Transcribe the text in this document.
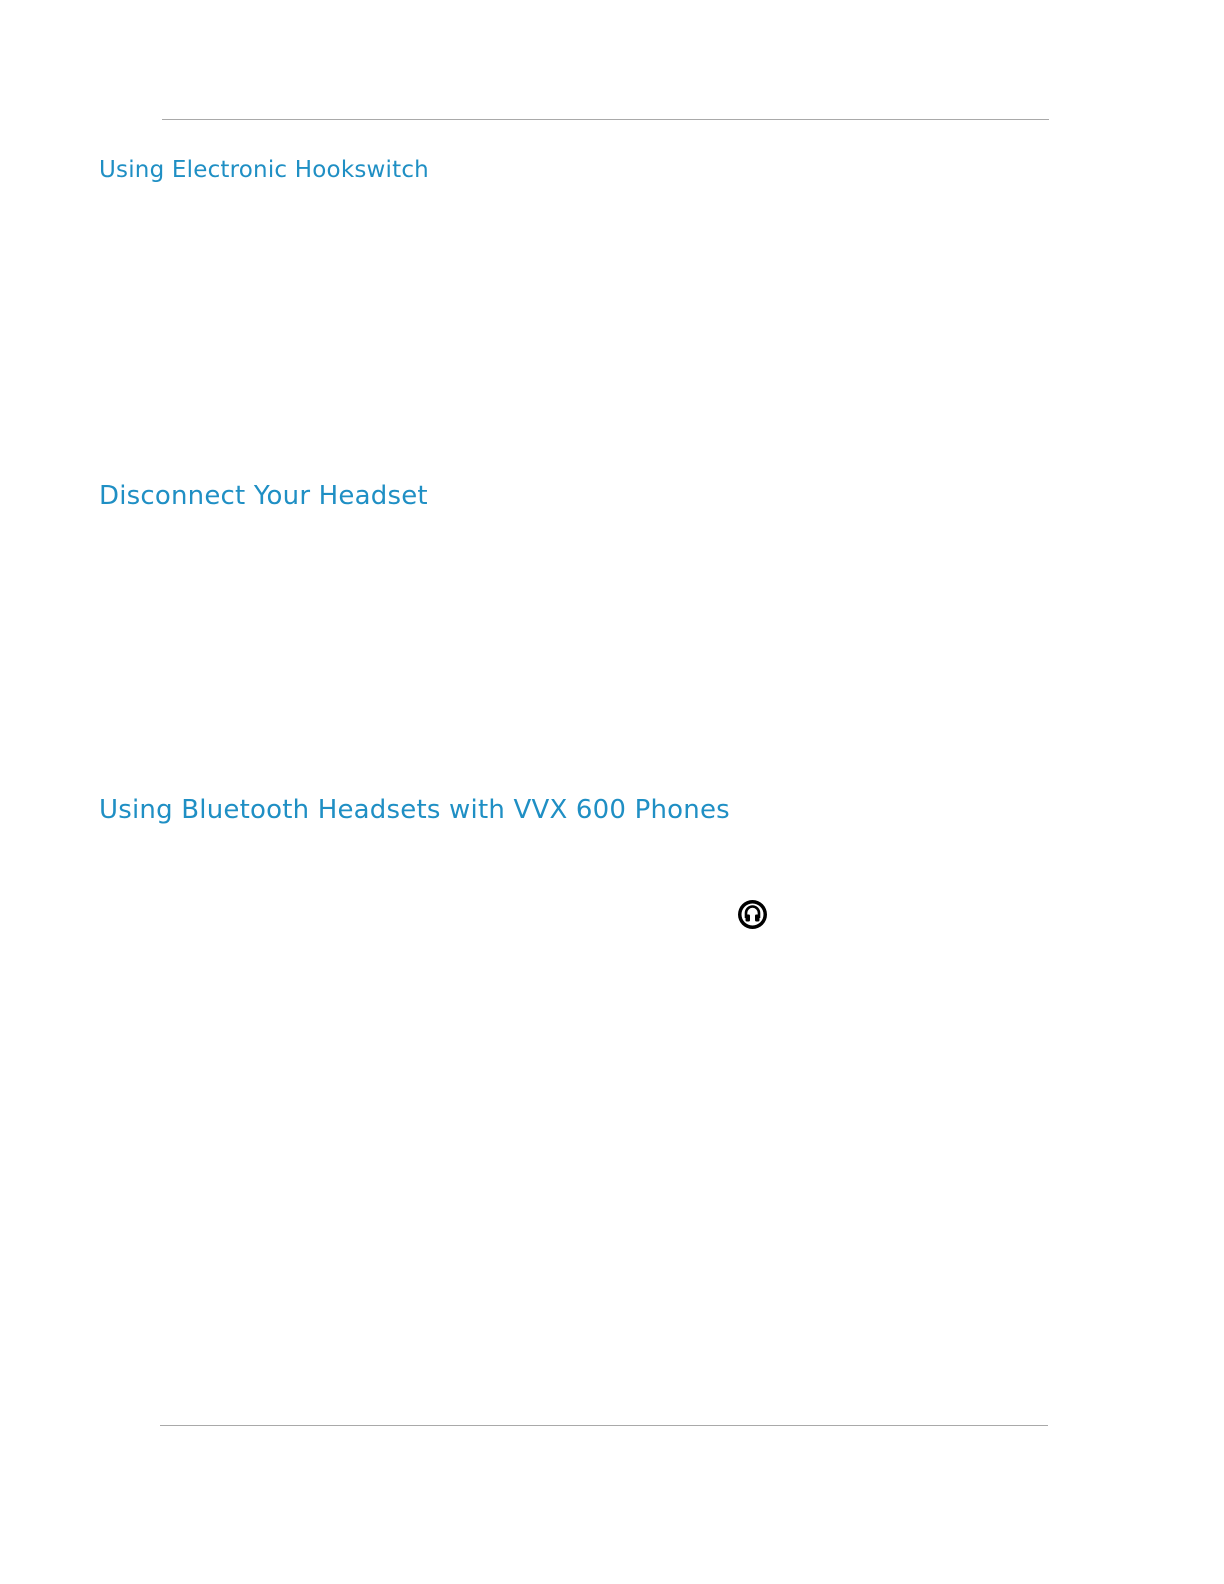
Using Electronic Hookswitch
Disconnect Your Headset
Using Bluetooth Headsets with VVX 600 Phones
